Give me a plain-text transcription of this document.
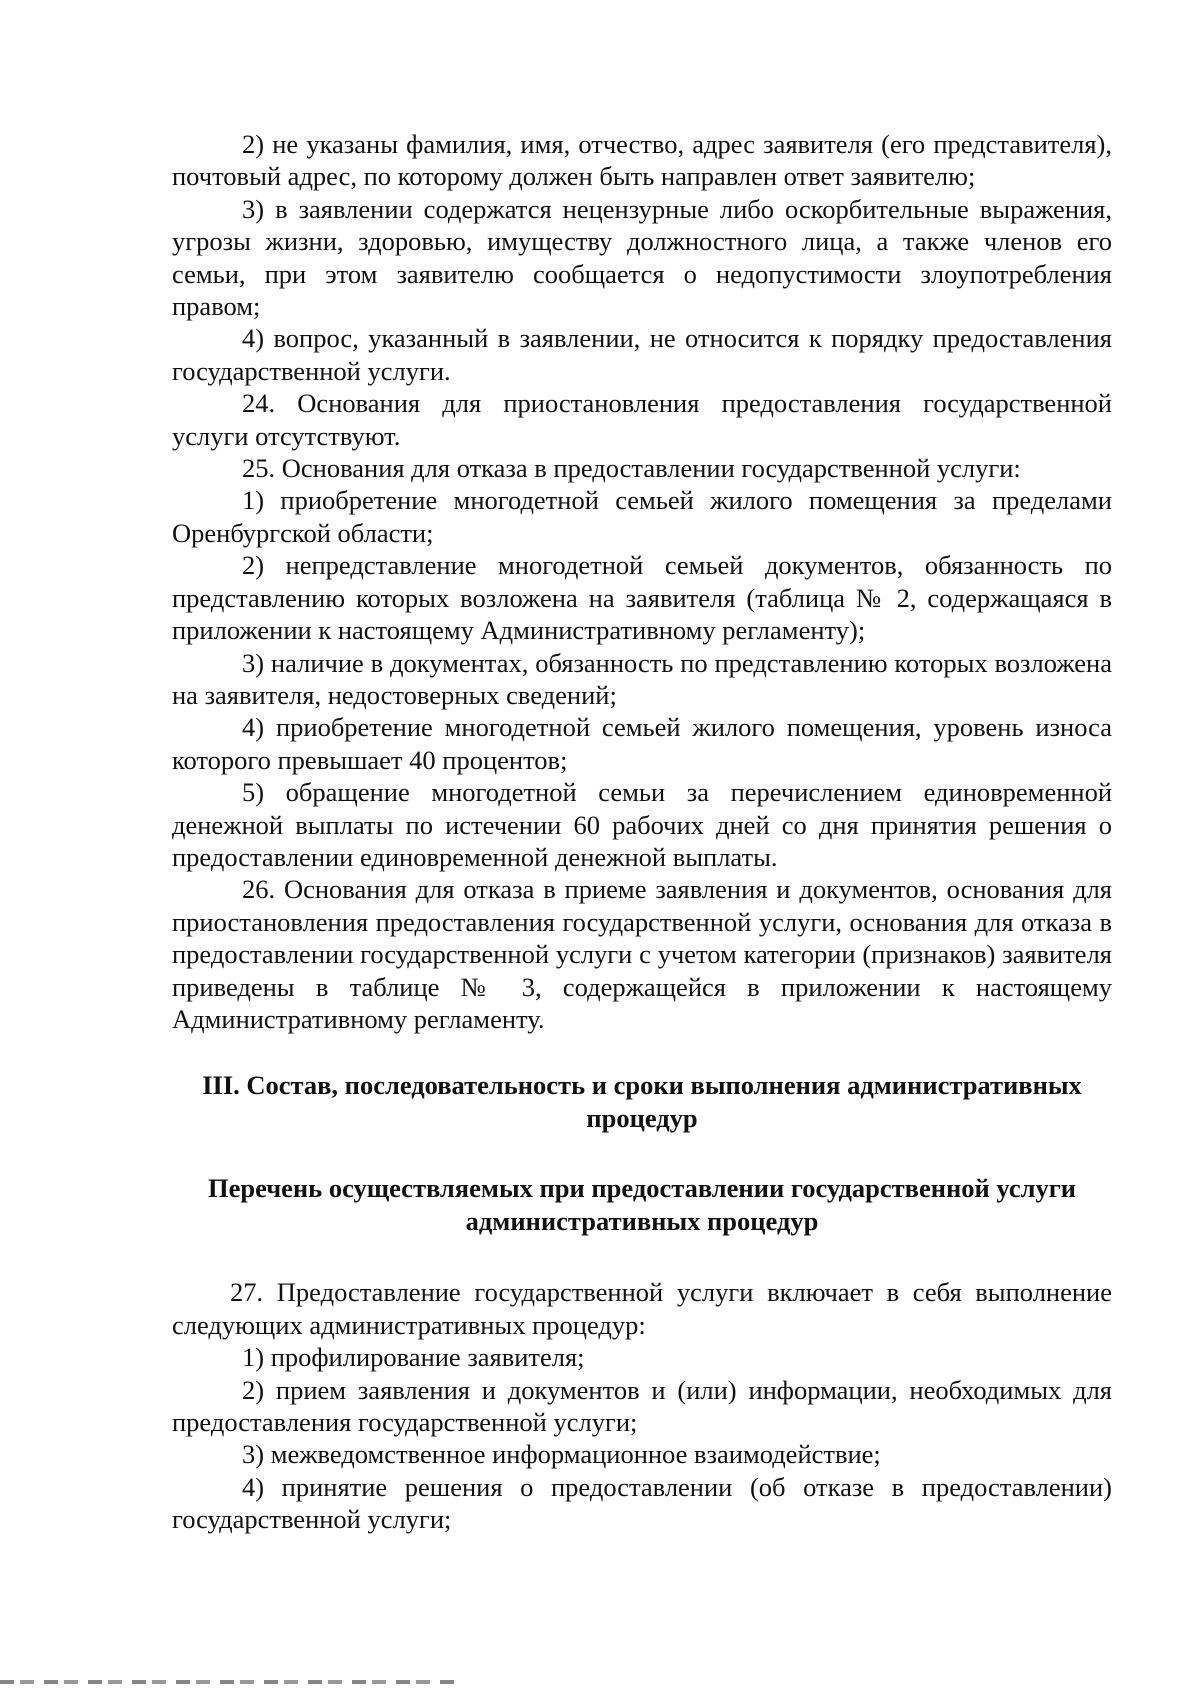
2) не указаны фамилия, имя, отчество, адрес заявителя (его представителя), почтовый адрес, по которому должен быть направлен ответ заявителю;

3) в заявлении содержатся нецензурные либо оскорбительные выражения, угрозы жизни, здоровью, имуществу должностного лица, а также членов его семьи, при этом заявителю сообщается о недопустимости злоупотребления правом;

4) вопрос, указанный в заявлении, не относится к порядку предоставления государственной услуги.

24. Основания для приостановления предоставления государственной услуги отсутствуют.

25. Основания для отказа в предоставлении государственной услуги:

1) приобретение многодетной семьей жилого помещения за пределами Оренбургской области;

2) непредставление многодетной семьей документов, обязанность по представлению которых возложена на заявителя (таблица № 2, содержащаяся в приложении к настоящему Административному регламенту);

3) наличие в документах, обязанность по представлению которых возложена на заявителя, недостоверных сведений;

4) приобретение многодетной семьей жилого помещения, уровень износа которого превышает 40 процентов;

5) обращение многодетной семьи за перечислением единовременной денежной выплаты по истечении 60 рабочих дней со дня принятия решения о предоставлении единовременной денежной выплаты.

26. Основания для отказа в приеме заявления и документов, основания для приостановления предоставления государственной услуги, основания для отказа в предоставлении государственной услуги с учетом категории (признаков) заявителя приведены в таблице № 3, содержащейся в приложении к настоящему Административному регламенту.

III. Состав, последовательность и сроки выполнения административных процедур
Перечень осуществляемых при предоставлении государственной услуги административных процедур

27. Предоставление государственной услуги включает в себя выполнение следующих административных процедур:

1) профилирование заявителя;

2) прием заявления и документов и (или) информации, необходимых для предоставления государственной услуги;

3) межведомственное информационное взаимодействие;

4) принятие решения о предоставлении (об отказе в предоставлении) государственной услуги;
